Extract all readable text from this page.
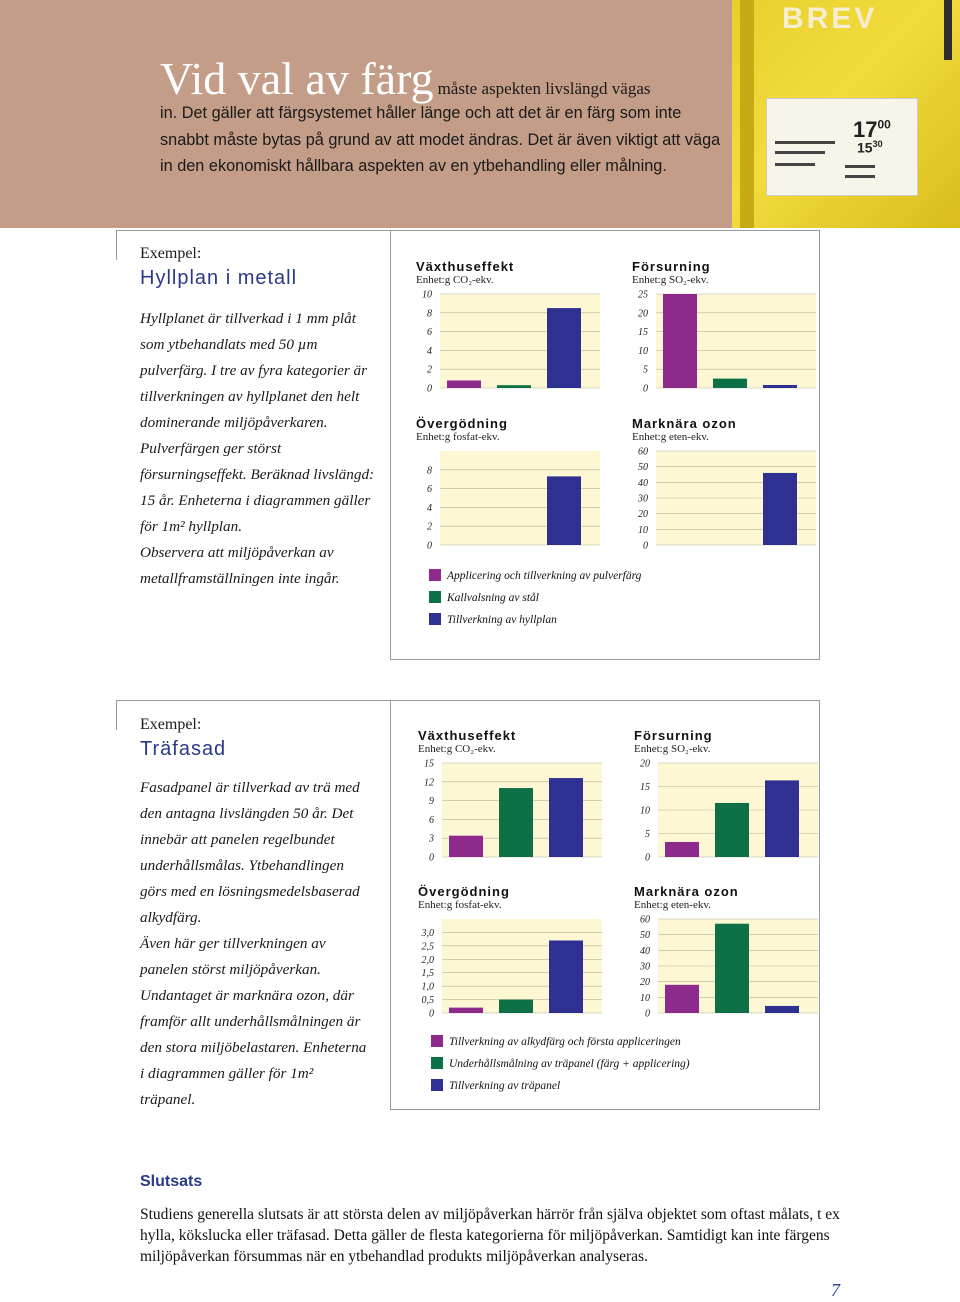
Vid val av färg måste aspekten livslängd vägas

in. Det gäller att färgsystemet håller länge och att det är en färg som inte snabbt måste bytas på grund av att modet ändras. Det är även viktigt att väga in den ekonomiskt hållbara aspekten av en ytbehandling eller målning.

BREV
$17^{00}$
$15^{30}$
Exempel:
Hyllplan i metall

Hyllplanet är tillverkad i 1 mm plåt som ytbehandlats med 50 µm pulverfärg. I tre av fyra kategorier är tillverkningen av hyllplanet den helt dominerande miljöpåverkaren.

Pulverfärgen ger störst försurningseffekt. Beräknad livslängd: 15 år. Enheterna i diagrammen gäller för 1m² hyllplan.

Observera att miljöpåverkan av metallframställningen inte ingår.	Applicering och tillverkning av pulverfärg
Kallvalsning av stål
Tillverkning av hyllplan
Exempel:
Träfasad

Fasadpanel är tillverkad av trä med den antagna livslängden 50 år. Det innebär att panelen regelbundet underhållsmålas. Ytbehandlingen görs med en lösningsmedelsbaserad alkydfärg.

Även här ger tillverkningen av panelen störst miljöpåverkan.

Undantaget är marknära ozon, där framför allt underhållsmålningen är den stora miljöbelastaren. Enheterna i diagrammen gäller för 1m² träpanel.

Tillverkning av alkydfärg och första appliceringen
Underhållsmålning av träpanel (färg + applicering)
Tillverkning av träpanel
Växthuseffekt
Enhet:g CO₂-ekv.
0
2
4
6
8
10
Försurning
Enhet:g SO₂-ekv.
0
5
10
15
20
25
Övergödning
Enhet:g fosfat-ekv.
0
2
4
6
8
Marknära ozon
Enhet:g eten-ekv.
0
10
20
30
40
50
60
Växthuseffekt
Enhet:g CO₂-ekv.
0
3
6
9
12
15
Försurning
Enhet:g SO₂-ekv.
0
5
10
15
20
Övergödning
Enhet:g fosfat-ekv.
0
0,5
1,0
1,5
2,0
2,5
3,0
Marknära ozon
Enhet:g eten-ekv.
0
10
20
30
40
50
60
Slutsats

Studiens generella slutsats är att största delen av miljöpåverkan härrör från själva objektet som oftast målats, t ex hylla, kökslucka eller träfasad. Detta gäller de flesta kategorierna för miljöpåverkan. Samtidigt kan inte färgens miljöpåverkan försummas när en ytbehandlad produkts miljöpåverkan analyseras.

7
